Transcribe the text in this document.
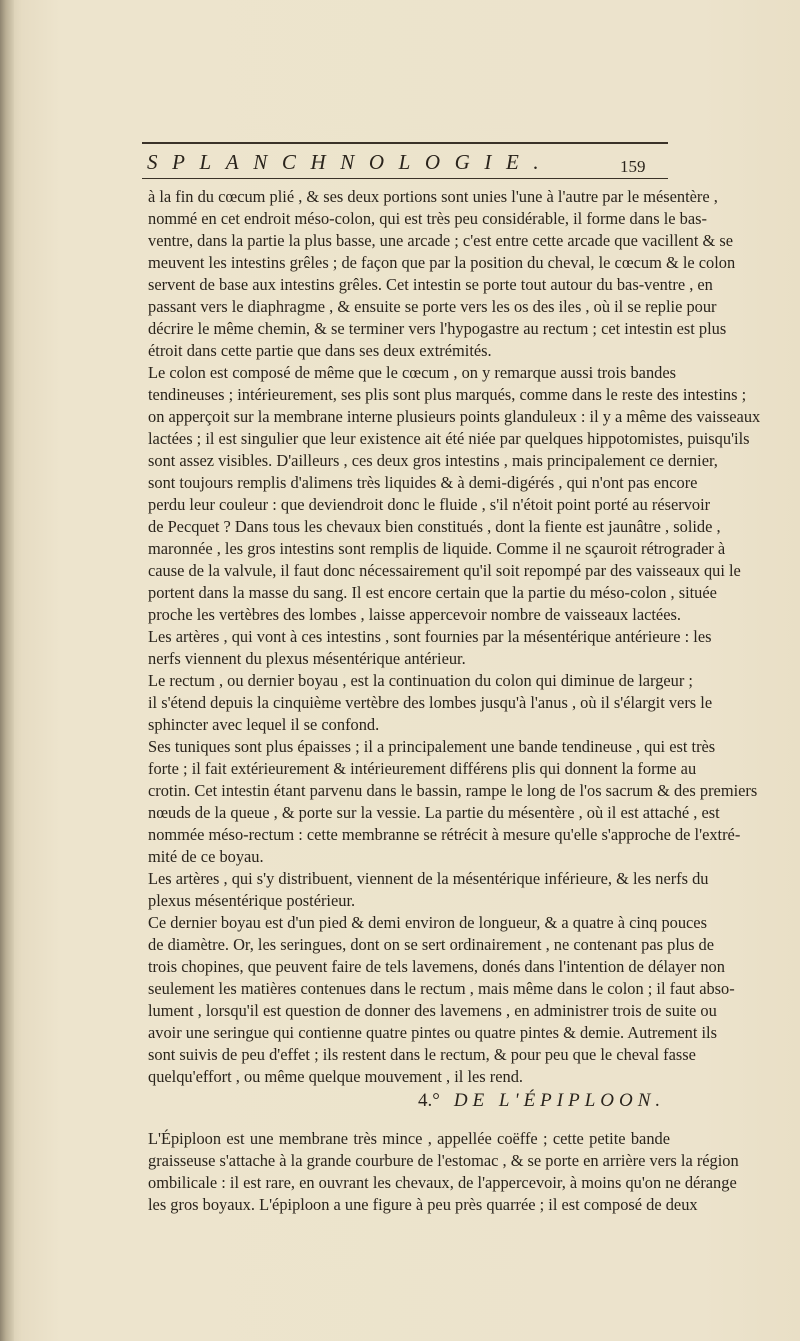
SPLANCHNOLOGIE.	159
à la fin du cœcum plié , & ses deux portions sont unies l'une à l'autre par le mésentère ,
nommé en cet endroit méso-colon, qui est très peu considérable, il forme dans le bas-
ventre, dans la partie la plus basse, une arcade ; c'est entre cette arcade que vacillent & se
meuvent les intestins grêles ; de façon que par la position du cheval, le cœcum & le colon
servent de base aux intestins grêles. Cet intestin se porte tout autour du bas-ventre , en
passant vers le diaphragme , & ensuite se porte vers les os des iles , où il se replie pour
décrire le même chemin, & se terminer vers l'hypogastre au rectum ; cet intestin est plus
étroit dans cette partie que dans ses deux extrémités.
Le colon est composé de même que le cœcum , on y remarque aussi trois bandes
tendineuses ; intérieurement, ses plis sont plus marqués, comme dans le reste des intestins ;
on apperçoit sur la membrane interne plusieurs points glanduleux : il y a même des vaisseaux
lactées ; il est singulier que leur existence ait été niée par quelques hippotomistes, puisqu'ils
sont assez visibles. D'ailleurs , ces deux gros intestins , mais principalement ce dernier,
sont toujours remplis d'alimens très liquides & à demi-digérés , qui n'ont pas encore
perdu leur couleur : que deviendroit donc le fluide , s'il n'étoit point porté au réservoir
de Pecquet ? Dans tous les chevaux bien constitués , dont la fiente est jaunâtre , solide ,
maronnée , les gros intestins sont remplis de liquide. Comme il ne sçauroit rétrograder à
cause de la valvule, il faut donc nécessairement qu'il soit repompé par des vaisseaux qui le
portent dans la masse du sang. Il est encore certain que la partie du méso-colon , située
proche les vertèbres des lombes , laisse appercevoir nombre de vaisseaux lactées.
Les artères , qui vont à ces intestins , sont fournies par la mésentérique antérieure : les
nerfs viennent du plexus mésentérique antérieur.
Le rectum , ou dernier boyau , est la continuation du colon qui diminue de largeur ;
il s'étend depuis la cinquième vertèbre des lombes jusqu'à l'anus , où il s'élargit vers le
sphincter avec lequel il se confond.
Ses tuniques sont plus épaisses ; il a principalement une bande tendineuse , qui est très
forte ; il fait extérieurement & intérieurement différens plis qui donnent la forme au
crotin. Cet intestin étant parvenu dans le bassin, rampe le long de l'os sacrum & des premiers
nœuds de la queue , & porte sur la vessie. La partie du mésentère , où il est attaché , est
nommée méso-rectum : cette membranne se rétrécit à mesure qu'elle s'approche de l'extré-
mité de ce boyau.
Les artères , qui s'y distribuent, viennent de la mésentérique inférieure, & les nerfs du
plexus mésentérique postérieur.
Ce dernier boyau est d'un pied & demi environ de longueur, & a quatre à cinq pouces
de diamètre. Or, les seringues, dont on se sert ordinairement , ne contenant pas plus de
trois chopines, que peuvent faire de tels lavemens, donés dans l'intention de délayer non
seulement les matières contenues dans le rectum , mais même dans le colon ; il faut abso-
lument , lorsqu'il est question de donner des lavemens , en administrer trois de suite ou
avoir une seringue qui contienne quatre pintes ou quatre pintes & demie. Autrement ils
sont suivis de peu d'effet ; ils restent dans le rectum, & pour peu que le cheval fasse
quelqu'effort , ou même quelque mouvement , il les rend.
4.° DE L'ÉPIPLOON.
L'Épiploon est une membrane très mince , appellée coëffe ; cette petite bande
graisseuse s'attache à la grande courbure de l'estomac , & se porte en arrière vers la région
ombilicale : il est rare, en ouvrant les chevaux, de l'appercevoir, à moins qu'on ne dérange
les gros boyaux. L'épiploon a une figure à peu près quarrée ; il est composé de deux
